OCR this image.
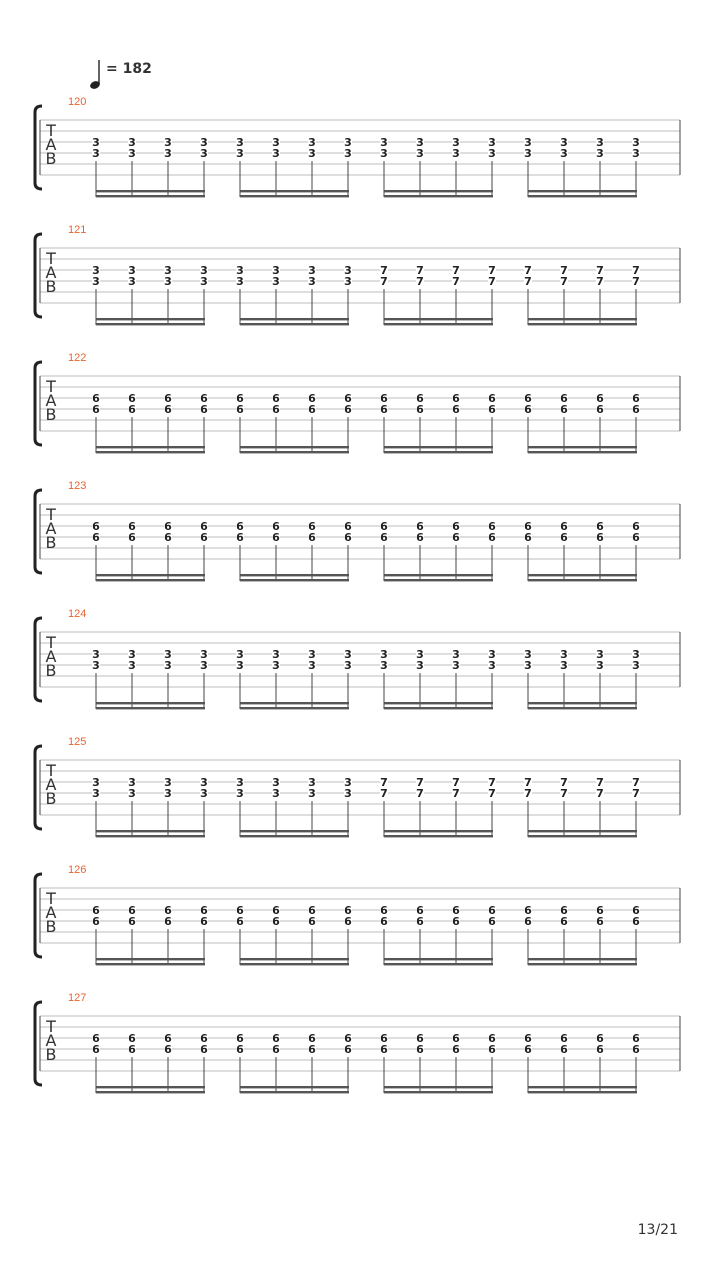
= 182
120
T
A
B
3
3
3
3
3
3
3
3
3
3
3
3
3
3
3
3
3
3
3
3
3
3
3
3
3
3
3
3
3
3
3
3
121
T
A
B
3
3
3
3
3
3
3
3
3
3
3
3
3
3
3
3
7
7
7
7
7
7
7
7
7
7
7
7
7
7
7
7
122
T
A
B
6
6
6
6
6
6
6
6
6
6
6
6
6
6
6
6
6
6
6
6
6
6
6
6
6
6
6
6
6
6
6
6
123
T
A
B
6
6
6
6
6
6
6
6
6
6
6
6
6
6
6
6
6
6
6
6
6
6
6
6
6
6
6
6
6
6
6
6
124
T
A
B
3
3
3
3
3
3
3
3
3
3
3
3
3
3
3
3
3
3
3
3
3
3
3
3
3
3
3
3
3
3
3
3
125
T
A
B
3
3
3
3
3
3
3
3
3
3
3
3
3
3
3
3
7
7
7
7
7
7
7
7
7
7
7
7
7
7
7
7
126
T
A
B
6
6
6
6
6
6
6
6
6
6
6
6
6
6
6
6
6
6
6
6
6
6
6
6
6
6
6
6
6
6
6
6
127
T
A
B
6
6
6
6
6
6
6
6
6
6
6
6
6
6
6
6
6
6
6
6
6
6
6
6
6
6
6
6
6
6
6
6
13/21
